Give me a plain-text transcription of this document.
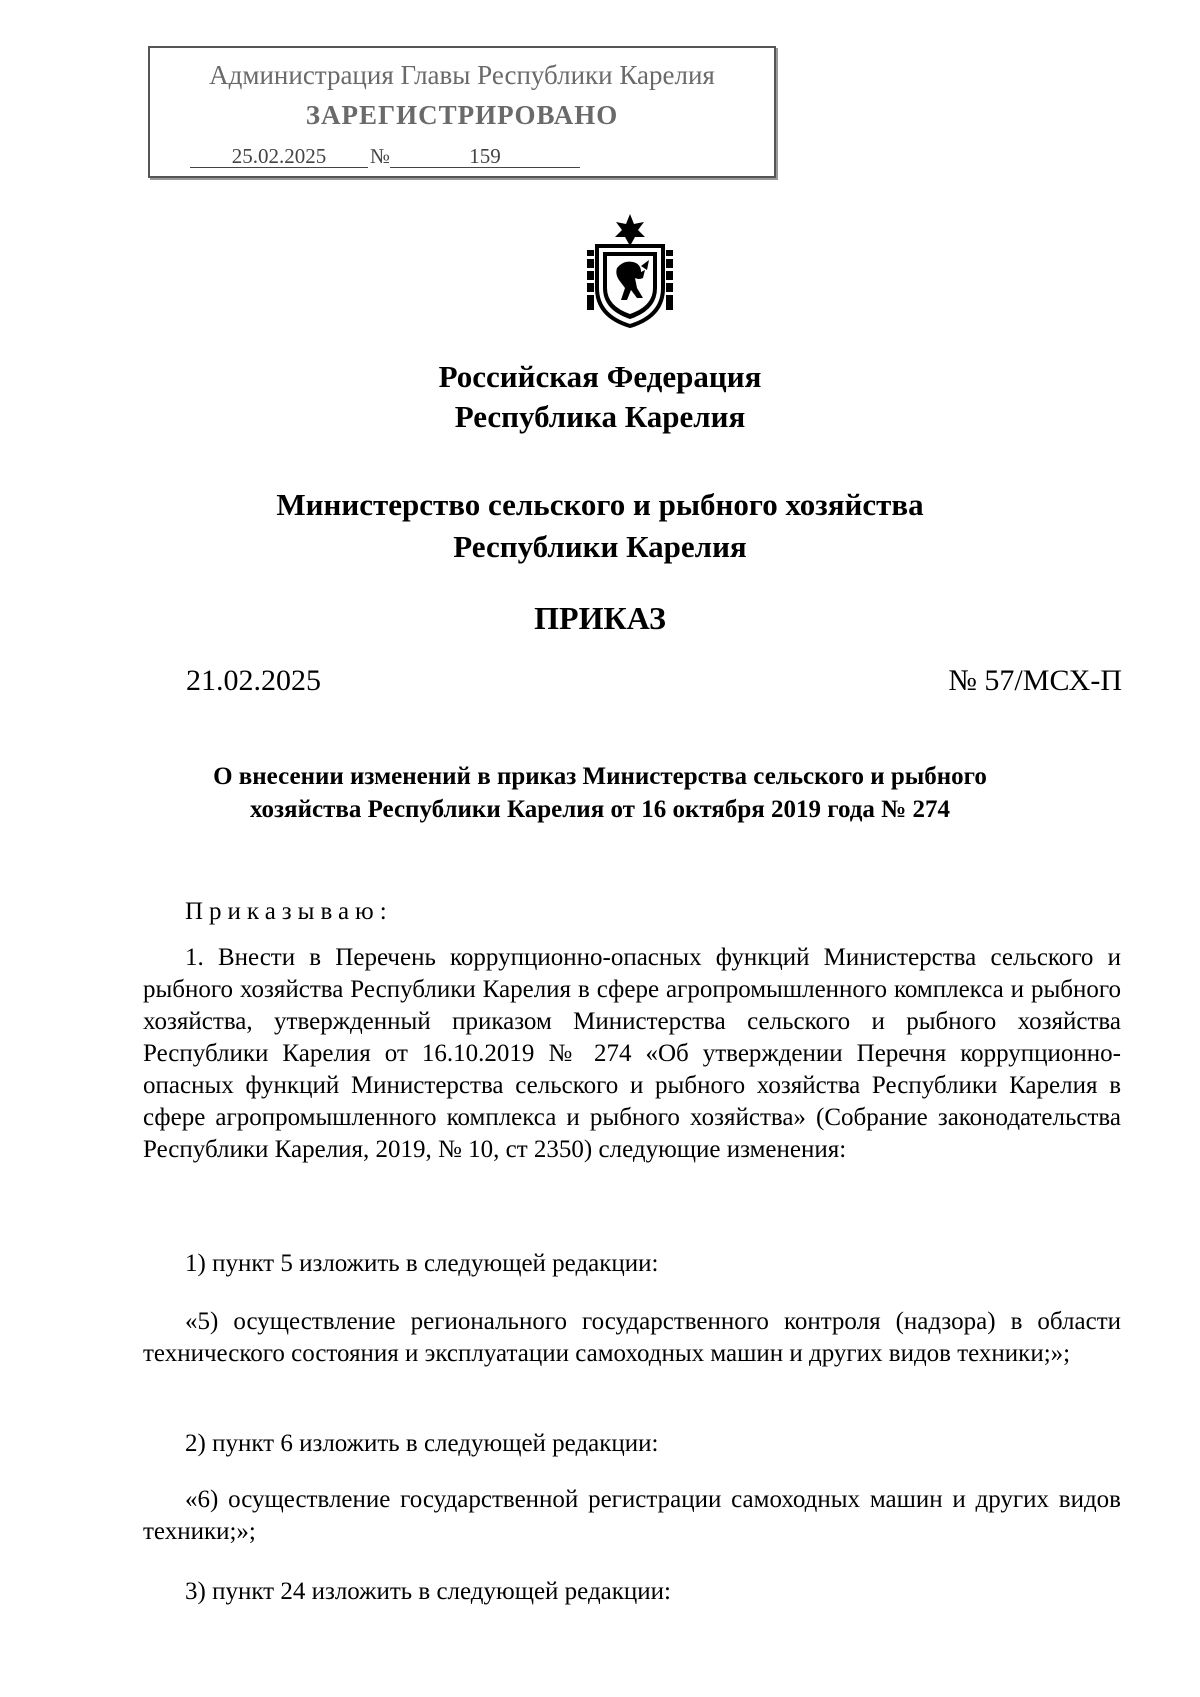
Администрация Главы Республики Карелия
ЗАРЕГИСТРИРОВАНО
25.02.2025 №	159
Российская Федерация
Республика Карелия
Министерство сельского и рыбного хозяйства
Республики Карелия
ПРИКАЗ
21.02.2025	№ 57/МСХ-П
О внесении изменений в приказ Министерства сельского и рыбного
хозяйства Республики Карелия от 16 октября 2019 года № 274

Приказываю:

1. Внести в Перечень коррупционно-опасных функций Министерства сельского и рыбного хозяйства Республики Карелия в сфере агропромышленного комплекса и рыбного хозяйства, утвержденный приказом Министерства сельского и рыбного хозяйства Республики Карелия от 16.10.2019 № 274 «Об утверждении Перечня коррупционно-опасных функций Министерства сельского и рыбного хозяйства Республики Карелия в сфере агропромышленного комплекса и рыбного хозяйства» (Собрание законодательства Республики Карелия, 2019, № 10, ст 2350) следующие изменения:

1) пункт 5 изложить в следующей редакции:

«5) осуществление регионального государственного контроля (надзора) в области технического состояния и эксплуатации самоходных машин и других видов техники;»;

2) пункт 6 изложить в следующей редакции:

«6) осуществление государственной регистрации самоходных машин и других видов техники;»;

3) пункт 24 изложить в следующей редакции:
